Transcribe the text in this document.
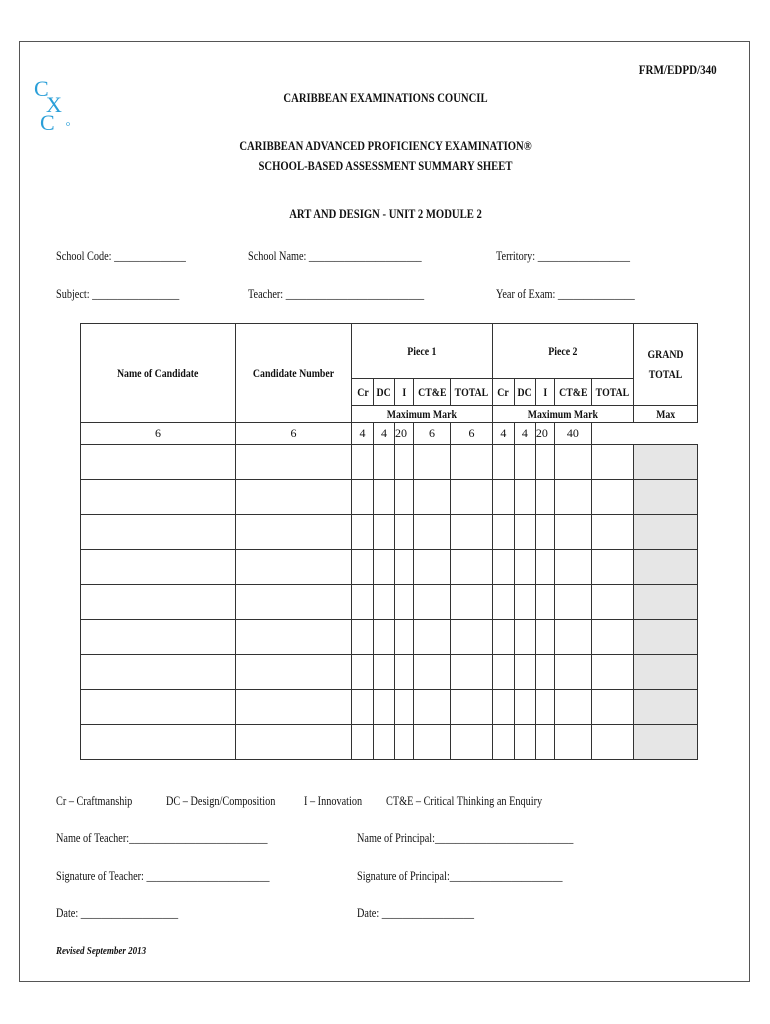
FRM/EDPD/340
C
X
C
CARIBBEAN EXAMINATIONS COUNCIL
CARIBBEAN ADVANCED PROFICIENCY EXAMINATION®
SCHOOL-BASED ASSESSMENT SUMMARY SHEET
ART AND DESIGN - UNIT 2 MODULE 2
School Code: ______________	School Name: ______________________	Territory: __________________
Subject: _________________	Teacher: ___________________________	Year of Exam: _______________
Name of Candidate	Candidate Number	Piece 1					Piece 2					GRAND TOTAL
		Cr	DC	I	CT&E	TOTAL	Cr	DC	I	CT&E	TOTAL	
		Maximum Mark					Maximum Mark					Max
6	6	4	4	20	6	6	4	4	20	40		

Cr – Craftmanship	DC – Design/Composition I – Innovation CT&E – Critical Thinking an Enquiry
Name of Teacher:___________________________	Name of Principal:___________________________
Signature of Teacher: ________________________	Signature of Principal:______________________
Date: ___________________	Date: __________________
Revised September 2013
